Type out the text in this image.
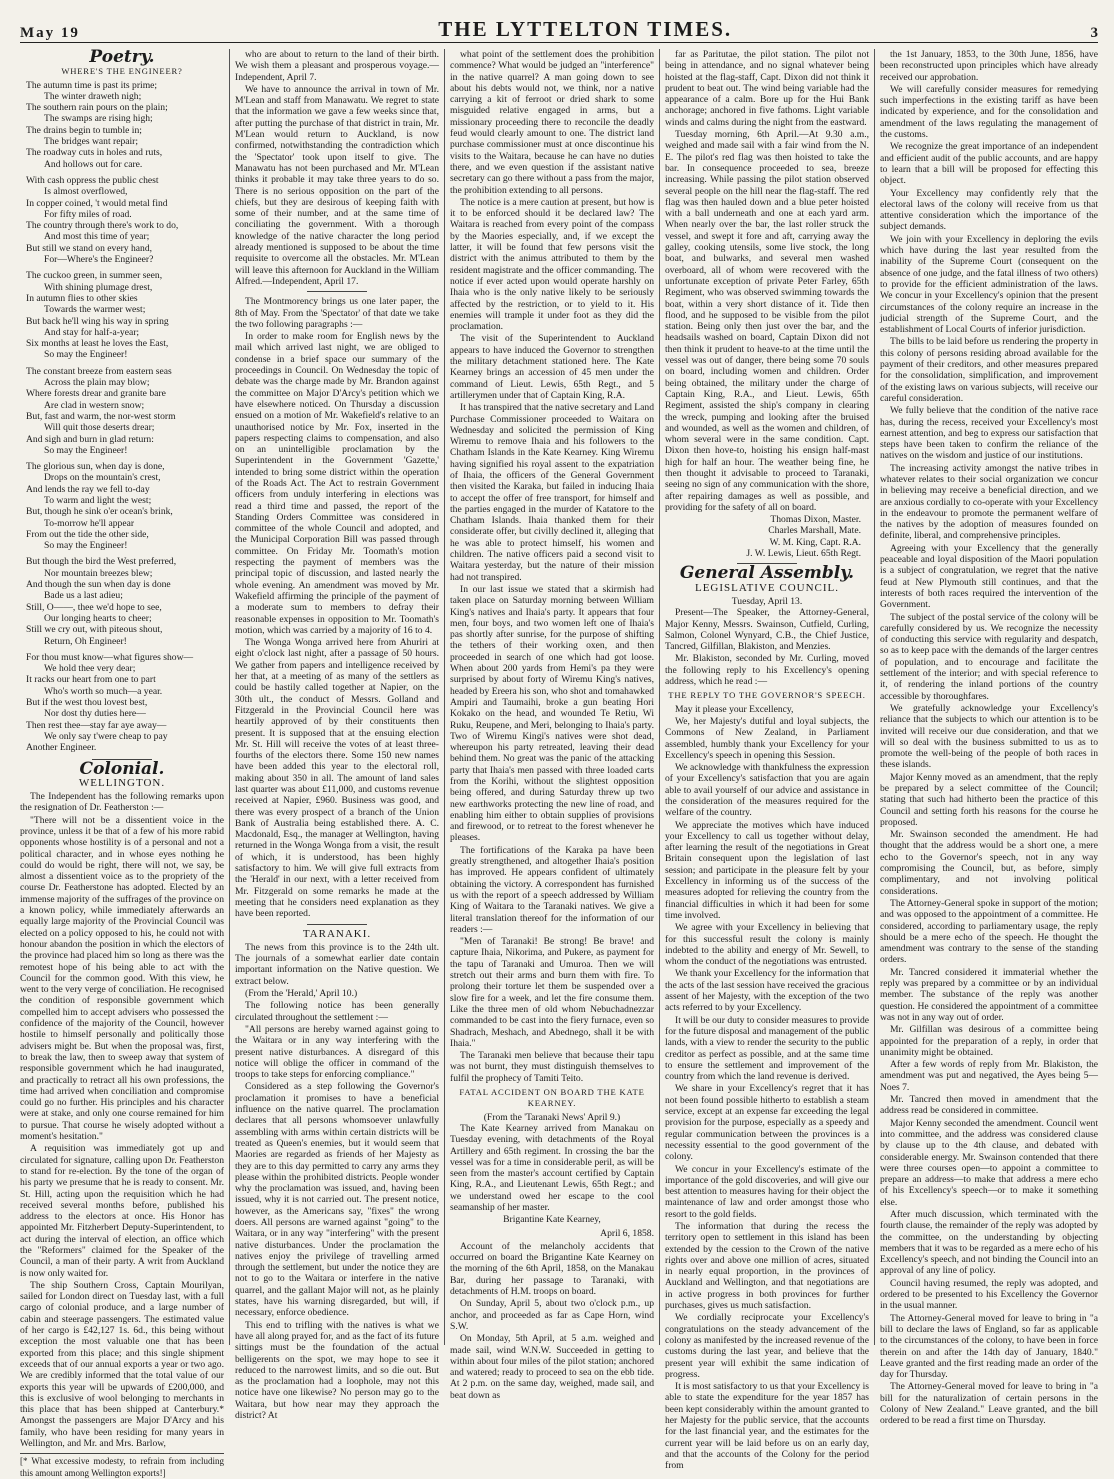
May 19	THE LYTTELTON TIMES.	3
Poetry.
WHERE'S THE ENGINEER?
The autumn time is past its prime;
The winter draweth nigh;
The southern rain pours on the plain;
The swamps are rising high;
The drains begin to tumble in;
The bridges want repair;
The roadway cuts in holes and ruts,
And hollows out for care.
With cash oppress the public chest
Is almost overflowed,
In copper coined, 't would metal find
For fifty miles of road.
The country through there's work to do,
And most this time of year;
But still we stand on every hand,
For—Where's the Engineer?
The cuckoo green, in summer seen,
With shining plumage drest,
In autumn flies to other skies
Towards the warmer west;
But back he'll wing his way in spring
And stay for half-a-year;
Six months at least he loves the East,
So may the Engineer!
The constant breeze from eastern seas
Across the plain may blow;
Where forests drear and granite bare
Are clad in western snow;
But, fast and warm, the nor-west storm
Will quit those deserts drear;
And sigh and burn in glad return:
So may the Engineer!
The glorious sun, when day is done,
Drops on the mountain's crest,
And lends the ray we fell to-day
To warm and light the west;
But, though he sink o'er ocean's brink,
To-morrow he'll appear
From out the tide the other side,
So may the Engineer!
But though the bird the West preferred,
Nor mountain breezes blew;
And though the sun when day is done
Bade us a last adieu;
Still, O——, thee we'd hope to see,
Our longing hearts to cheer;
Still we cry out, with piteous shout,
Return, Oh Engineer!
For thou must know—what figures show—
We hold thee very dear;
It racks our heart from one to part
Who's worth so much—a year.
But if the west thou lovest best,
Nor dost thy duties here—
Then rest thee—stay far aye away—
We only say t'were cheap to pay
Another Engineer.
Colonial.
WELLINGTON.

The Independent has the following remarks upon the resignation of Dr. Featherston :—

"There will not be a dissentient voice in the province, unless it be that of a few of his more rabid opponents whose hostility is of a personal and not a political character, and in whose eyes nothing he could do would be right, there will not, we say, be almost a dissentient voice as to the propriety of the course Dr. Featherstone has adopted. Elected by an immense majority of the suffrages of the province on a known policy, while immediately afterwards an equally large majority of the Provincial Council was elected on a policy opposed to his, he could not with honour abandon the position in which the electors of the province had placed him so long as there was the remotest hope of his being able to act with the Council for the common good. With this view, he went to the very verge of conciliation. He recognised the condition of responsible government which compelled him to accept advisers who possessed the confidence of the majority of the Council, however hostile to himself personally and politically those advisers might be. But when the proposal was, first, to break the law, then to sweep away that system of responsible government which he had inaugurated, and practically to retract all his own professions, the time had arrived when conciliation and compromise could go no further. His principles and his character were at stake, and only one course remained for him to pursue. That course he wisely adopted without a moment's hesitation."

A requisition was immediately got up and circulated for signature, calling upon Dr. Featherston to stand for re-election. By the tone of the organ of his party we presume that he is ready to consent. Mr. St. Hill, acting upon the requisition which he had received several months before, published his address to the electors at once. His Honor has appointed Mr. Fitzherbert Deputy-Superintendent, to act during the interval of election, an office which the "Reformers" claimed for the Speaker of the Council, a man of their party. A writ from Auckland is now only waited for.

The ship Southern Cross, Captain Mourilyan, sailed for London direct on Tuesday last, with a full cargo of colonial produce, and a large number of cabin and steerage passengers. The estimated value of her cargo is £42,127 1s. 6d., this being without exception the most valuable one that has been exported from this place; and this single shipment exceeds that of our annual exports a year or two ago. We are credibly informed that the total value of our exports this year will be upwards of £200,000, and this is exclusive of wool belonging to merchants in this place that has been shipped at Canterbury.* Amongst the passengers are Major D'Arcy and his family, who have been residing for many years in Wellington, and Mr. and Mrs. Barlow,

[* What excessive modesty, to refrain from including this amount among Wellington exports!]

who are about to return to the land of their birth. We wish them a pleasant and prosperous voyage.—Independent, April 7.

We have to announce the arrival in town of Mr. M'Lean and staff from Manawatu. We regret to state that the information we gave a few weeks since that, after putting the purchase of that district in train, Mr. M'Lean would return to Auckland, is now confirmed, notwithstanding the contradiction which the 'Spectator' took upon itself to give. The Manawatu has not been purchased and Mr. M'Lean thinks it probable it may take three years to do so. There is no serious opposition on the part of the chiefs, but they are desirous of keeping faith with some of their number, and at the same time of conciliating the government. With a thorough knowledge of the native character the long period already mentioned is supposed to be about the time requisite to overcome all the obstacles. Mr. M'Lean will leave this afternoon for Auckland in the William Alfred.—Independent, April 17.

The Montmorency brings us one later paper, the 8th of May. From the 'Spectator' of that date we take the two following paragraphs :—

In order to make room for English news by the mail which arrived last night, we are obliged to condense in a brief space our summary of the proceedings in Council. On Wednesday the topic of debate was the charge made by Mr. Brandon against the committee on Major D'Arcy's petition which we have elsewhere noticed. On Thursday a discussion ensued on a motion of Mr. Wakefield's relative to an unauthorised notice by Mr. Fox, inserted in the papers respecting claims to compensation, and also on an unintelligible proclamation by the Superintendent in the Government 'Gazette,' intended to bring some district within the operation of the Roads Act. The Act to restrain Government officers from unduly interfering in elections was read a third time and passed, the report of the Standing Orders Committee was considered in committee of the whole Council and adopted, and the Municipal Corporation Bill was passed through committee. On Friday Mr. Toomath's motion respecting the payment of members was the principal topic of discussion, and lasted nearly the whole evening. An amendment was moved by Mr. Wakefield affirming the principle of the payment of a moderate sum to members to defray their reasonable expenses in opposition to Mr. Toomath's motion, which was carried by a majority of 16 to 4.

The Wonga Wonga arrived here from Ahuriri at eight o'clock last night, after a passage of 50 hours. We gather from papers and intelligence received by her that, at a meeting of as many of the settlers as could be hastily called together at Napier, on the 30th ult., the conduct of Messrs. Golland and Fitzgerald in the Provincial Council here was heartily approved of by their constituents then present. It is supposed that at the ensuing election Mr. St. Hill will receive the votes of at least three-fourths of the electors there. Some 150 new names have been added this year to the electoral roll, making about 350 in all. The amount of land sales last quarter was about £11,000, and customs revenue received at Napier, £960. Business was good, and there was every prospect of a branch of the Union Bank of Australia being established there. A. C. Macdonald, Esq., the manager at Wellington, having returned in the Wonga Wonga from a visit, the result of which, it is understood, has been highly satisfactory to him. We will give full extracts from the 'Herald' in our next, with a letter received from Mr. Fitzgerald on some remarks he made at the meeting that he considers need explanation as they have been reported.

TARANAKI.

The news from this province is to the 24th ult. The journals of a somewhat earlier date contain important information on the Native question. We extract below.

(From the 'Herald,' April 10.)

The following notice has been generally circulated throughout the settlement :—

"All persons are hereby warned against going to the Waitara or in any way interfering with the present native disturbances. A disregard of this notice will oblige the officer in command of the troops to take steps for enforcing compliance."

Considered as a step following the Governor's proclamation it promises to have a beneficial influence on the native quarrel. The proclamation declares that all persons whomsoever unlawfully assembling with arms within certain districts will be treated as Queen's enemies, but it would seem that Maories are regarded as friends of her Majesty as they are to this day permitted to carry any arms they please within the prohibited districts. People wonder why the proclamation was issued, and, having been issued, why it is not carried out. The present notice, however, as the Americans say, "fixes" the wrong doers. All persons are warned against "going" to the Waitara, or in any way "interfering" with the present native disturbances. Under the proclamation the natives enjoy the privilege of travelling armed through the settlement, but under the notice they are not to go to the Waitara or interfere in the native quarrel, and the gallant Major will not, as he plainly states, have his warning disregarded, but will, if necessary, enforce obedience.

This end to trifling with the natives is what we have all along prayed for, and as the fact of its future sittings must be the foundation of the actual belligerents on the spot, we may hope to see it reduced to the narrowest limits, and so die out. But as the proclamation had a loophole, may not this notice have one likewise? No person may go to the Waitara, but how near may they approach the district? At

what point of the settlement does the prohibition commence? What would be judged an "interference" in the native quarrel? A man going down to see about his debts would not, we think, nor a native carrying a kit of ferroot or dried shark to some misguided relative engaged in arms, but a missionary proceeding there to reconcile the deadly feud would clearly amount to one. The district land purchase commissioner must at once discontinue his visits to the Waitara, because he can have no duties there, and we even question if the assistant native secretary can go there without a pass from the major, the prohibition extending to all persons.

The notice is a mere caution at present, but how is it to be enforced should it be declared law? The Waitara is reached from every point of the compass by the Maories especially, and, if we except the latter, it will be found that few persons visit the district with the animus attributed to them by the resident magistrate and the officer commanding. The notice if ever acted upon would operate harshly on Ihaia who is the only native likely to be seriously affected by the restriction, or to yield to it. His enemies will trample it under foot as they did the proclamation.

The visit of the Superintendent to Auckland appears to have induced the Governor to strengthen the military detachment stationed here. The Kate Kearney brings an accession of 45 men under the command of Lieut. Lewis, 65th Regt., and 5 artillerymen under that of Captain King, R.A.

It has transpired that the native secretary and Land Purchase Commissioner proceeded to Waitara on Wednesday and solicited the permission of King Wiremu to remove Ihaia and his followers to the Chatham Islands in the Kate Kearney. King Wiremu having signified his royal assent to the expatriation of Ihaia, the officers of the General Government then visited the Karaka, but failed in inducing Ihaia to accept the offer of free transport, for himself and the parties engaged in the murder of Katatore to the Chatham Islands. Ihaia thanked them for their considerate offer, but civilly declined it, alleging that he was able to protect himself, his women and children. The native officers paid a second visit to Waitara yesterday, but the nature of their mission had not transpired.

In our last issue we stated that a skirmish had taken place on Saturday morning between William King's natives and Ihaia's party. It appears that four men, four boys, and two women left one of Ihaia's pas shortly after sunrise, for the purpose of shifting the tethers of their working oxen, and then proceeded in search of one which had got loose. When about 200 yards from Hemi's pa they were surprised by about forty of Wiremu King's natives, headed by Ereera his son, who shot and tomahawked Ampiri and Taumaihi, broke a gun beating Hori Kokako on the head, and wounded Te Retiu, Wi Ruku, Reupene, and Meri, belonging to Ihaia's party. Two of Wiremu Kingi's natives were shot dead, whereupon his party retreated, leaving their dead behind them. No great was the panic of the attacking party that Ihaia's men passed with three loaded carts from the Korihi, without the slightest opposition being offered, and during Saturday threw up two new earthworks protecting the new line of road, and enabling him either to obtain supplies of provisions and firewood, or to retreat to the forest whenever he pleases.

The fortifications of the Karaka pa have been greatly strengthened, and altogether Ihaia's position has improved. He appears confident of ultimately obtaining the victory. A correspondent has furnished us with the report of a speech addressed by William King of Waitara to the Taranaki natives. We give a literal translation thereof for the information of our readers :—

"Men of Taranaki! Be strong! Be brave! and capture Ihaia, Nikorima, and Pukere, as payment for the tapu of Taranaki and Umuroa. Then we will stretch out their arms and burn them with fire. To prolong their torture let them be suspended over a slow fire for a week, and let the fire consume them. Like the three men of old whom Nebuchadnezzar commanded to be cast into the fiery furnace, even so Shadrach, Meshach, and Abednego, shall it be with Ihaia."

The Taranaki men believe that because their tapu was not burnt, they must distinguish themselves to fulfil the prophecy of Tamiti Teito.

FATAL ACCIDENT ON BOARD THE KATE KEARNEY.
(From the 'Taranaki News' April 9.)

The Kate Kearney arrived from Manakau on Tuesday evening, with detachments of the Royal Artillery and 65th regiment. In crossing the bar the vessel was for a time in considerable peril, as will be seen from the master's account certified by Captain King, R.A., and Lieutenant Lewis, 65th Regt.; and we understand owed her escape to the cool seamanship of her master.

Brigantine Kate Kearney,
April 6, 1858.

Account of the melancholy accidents that occurred on board the Brigantine Kate Kearney on the morning of the 6th April, 1858, on the Manakau Bar, during her passage to Taranaki, with detachments of H.M. troops on board.

On Sunday, April 5, about two o'clock p.m., up anchor, and proceeded as far as Cape Horn, wind S.W.

On Monday, 5th April, at 5 a.m. weighed and made sail, wind W.N.W. Succeeded in getting to within about four miles of the pilot station; anchored and watered; ready to proceed to sea on the ebb tide. At 2 p.m. on the same day, weighed, made sail, and beat down as

far as Paritutae, the pilot station. The pilot not being in attendance, and no signal whatever being hoisted at the flag-staff, Capt. Dixon did not think it prudent to beat out. The wind being variable had the appearance of a calm. Bore up for the Hui Bank anchorage; anchored in five fathoms. Light variable winds and calms during the night from the eastward.

Tuesday morning, 6th April.—At 9.30 a.m., weighed and made sail with a fair wind from the N. E. The pilot's red flag was then hoisted to take the bar. In consequence proceeded to sea, breeze increasing. While passing the pilot station observed several people on the hill near the flag-staff. The red flag was then hauled down and a blue peter hoisted with a ball underneath and one at each yard arm. When nearly over the bar, the last roller struck the vessel, and swept it fore and aft, carrying away the galley, cooking utensils, some live stock, the long boat, and bulwarks, and several men washed overboard, all of whom were recovered with the unfortunate exception of private Peter Farley, 65th Regiment, who was observed swimming towards the boat, within a very short distance of it. Tide then flood, and he supposed to be visible from the pilot station. Being only then just over the bar, and the headsails washed on board, Captain Dixon did not then think it prudent to heave-to at the time until the vessel was out of danger, there being some 70 souls on board, including women and children. Order being obtained, the military under the charge of Captain King, R.A., and Lieut. Lewis, 65th Regiment, assisted the ship's company in clearing the wreck, pumping and looking after the bruised and wounded, as well as the women and children, of whom several were in the same condition. Capt. Dixon then hove-to, hoisting his ensign half-mast high for half an hour. The weather being fine, he then thought it advisable to proceed to Taranaki, seeing no sign of any communication with the shore, after repairing damages as well as possible, and providing for the safety of all on board.

Thomas Dixon, Master.
Charles Marshall, Mate.
W. M. King, Capt. R.A.
J. W. Lewis, Lieut. 65th Regt.
General Assembly.
LEGISLATIVE COUNCIL.
Tuesday, April 13.

Present—The Speaker, the Attorney-General, Major Kenny, Messrs. Swainson, Cutfield, Curling, Salmon, Colonel Wynyard, C.B., the Chief Justice, Tancred, Gilfillan, Blakiston, and Menzies.

Mr. Blakiston, seconded by Mr. Curling, moved the following reply to his Excellency's opening address, which he read :—

THE REPLY TO THE GOVERNOR'S SPEECH.

May it please your Excellency,

We, her Majesty's dutiful and loyal subjects, the Commons of New Zealand, in Parliament assembled, humbly thank your Excellency for your Excellency's speech in opening this Session.

We acknowledge with thankfulness the expression of your Excellency's satisfaction that you are again able to avail yourself of our advice and assistance in the consideration of the measures required for the welfare of the country.

We appreciate the motives which have induced your Excellency to call us together without delay, after learning the result of the negotiations in Great Britain consequent upon the legislation of last session; and participate in the pleasure felt by your Excellency in informing us of the success of the measures adopted for relieving the country from the financial difficulties in which it had been for some time involved.

We agree with your Excellency in believing that for this successful result the colony is mainly indebted to the ability and energy of Mr. Sewell, to whom the conduct of the negotiations was entrusted.

We thank your Excellency for the information that the acts of the last session have received the gracious assent of her Majesty, with the exception of the two acts referred to by your Excellency.

It will be our duty to consider measures to provide for the future disposal and management of the public lands, with a view to render the security to the public creditor as perfect as possible, and at the same time to ensure the settlement and improvement of the country from which the land revenue is derived.

We share in your Excellency's regret that it has not been found possible hitherto to establish a steam service, except at an expense far exceeding the legal provision for the purpose, especially as a speedy and regular communication between the provinces is a necessity essential to the good government of the colony.

We concur in your Excellency's estimate of the importance of the gold discoveries, and will give our best attention to measures having for their object the maintenance of law and order amongst those who resort to the gold fields.

The information that during the recess the territory open to settlement in this island has been extended by the cession to the Crown of the native rights over and above one million of acres, situated in nearly equal proportion, in the provinces of Auckland and Wellington, and that negotiations are in active progress in both provinces for further purchases, gives us much satisfaction.

We cordially reciprocate your Excellency's congratulations on the steady advancement of the colony as manifested by the increased revenue of the customs during the last year, and believe that the present year will exhibit the same indication of progress.

It is most satisfactory to us that your Excellency is able to state the expenditure for the year 1857 has been kept considerably within the amount granted to her Majesty for the public service, that the accounts for the last financial year, and the estimates for the current year will be laid before us on an early day, and that the accounts of the Colony for the period from

the 1st January, 1853, to the 30th June, 1856, have been reconstructed upon principles which have already received our approbation.

We will carefully consider measures for remedying such imperfections in the existing tariff as have been indicated by experience, and for the consolidation and amendment of the laws regulating the management of the customs.

We recognize the great importance of an independent and efficient audit of the public accounts, and are happy to learn that a bill will be proposed for effecting this object.

Your Excellency may confidently rely that the electoral laws of the colony will receive from us that attentive consideration which the importance of the subject demands.

We join with your Excellency in deploring the evils which have during the last year resulted from the inability of the Supreme Court (consequent on the absence of one judge, and the fatal illness of two others) to provide for the efficient administration of the laws. We concur in your Excellency's opinion that the present circumstances of the colony require an increase in the judicial strength of the Supreme Court, and the establishment of Local Courts of inferior jurisdiction.

The bills to be laid before us rendering the property in this colony of persons residing abroad available for the payment of their creditors, and other measures prepared for the consolidation, simplification, and improvement of the existing laws on various subjects, will receive our careful consideration.

We fully believe that the condition of the native race has, during the recess, received your Excellency's most earnest attention, and beg to express our satisfaction that steps have been taken to confirm the reliance of the natives on the wisdom and justice of our institutions.

The increasing activity amongst the native tribes in whatever relates to their social organization we concur in believing may receive a beneficial direction, and we are anxious cordially to co-operate with your Excellency in the endeavour to promote the permanent welfare of the natives by the adoption of measures founded on definite, liberal, and comprehensive principles.

Agreeing with your Excellency that the generally peaceable and loyal disposition of the Maori population is a subject of congratulation, we regret that the native feud at New Plymouth still continues, and that the interests of both races required the intervention of the Government.

The subject of the postal service of the colony will be carefully considered by us. We recognize the necessity of conducting this service with regularity and despatch, so as to keep pace with the demands of the larger centres of population, and to encourage and facilitate the settlement of the interior; and with special reference to it, of rendering the inland portions of the country accessible by thoroughfares.

We gratefully acknowledge your Excellency's reliance that the subjects to which our attention is to be invited will receive our due consideration, and that we will so deal with the business submitted to us as to promote the well-being of the people of both races in these islands.

Major Kenny moved as an amendment, that the reply be prepared by a select committee of the Council; stating that such had hitherto been the practice of this Council and setting forth his reasons for the course he proposed.

Mr. Swainson seconded the amendment. He had thought that the address would be a short one, a mere echo to the Governor's speech, not in any way compromising the Council, but, as before, simply complimentary, and not involving political considerations.

The Attorney-General spoke in support of the motion; and was opposed to the appointment of a committee. He considered, according to parliamentary usage, the reply should be a mere echo of the speech. He thought the amendment was contrary to the sense of the standing orders.

Mr. Tancred considered it immaterial whether the reply was prepared by a committee or by an individual member. The substance of the reply was another question. He considered the appointment of a committee was not in any way out of order.

Mr. Gilfillan was desirous of a committee being appointed for the preparation of a reply, in order that unanimity might be obtained.

After a few words of reply from Mr. Blakiston, the amendment was put and negatived, the Ayes being 5—Noes 7.

Mr. Tancred then moved in amendment that the address read be considered in committee.

Major Kenny seconded the amendment. Council went into committee, and the address was considered clause by clause up to the 4th clause, and debated with considerable energy. Mr. Swainson contended that there were three courses open—to appoint a committee to prepare an address—to make that address a mere echo of his Excellency's speech—or to make it something else.

After much discussion, which terminated with the fourth clause, the remainder of the reply was adopted by the committee, on the understanding by objecting members that it was to be regarded as a mere echo of his Excellency's speech, and not binding the Council into an approval of any line of policy.

Council having resumed, the reply was adopted, and ordered to be presented to his Excellency the Governor in the usual manner.

The Attorney-General moved for leave to bring in "a bill to declare the laws of England, so far as applicable to the circumstances of the colony, to have been in force therein on and after the 14th day of January, 1840." Leave granted and the first reading made an order of the day for Thursday.

The Attorney-General moved for leave to bring in "a bill for the naturalization of certain persons in the Colony of New Zealand." Leave granted, and the bill ordered to be read a first time on Thursday.
